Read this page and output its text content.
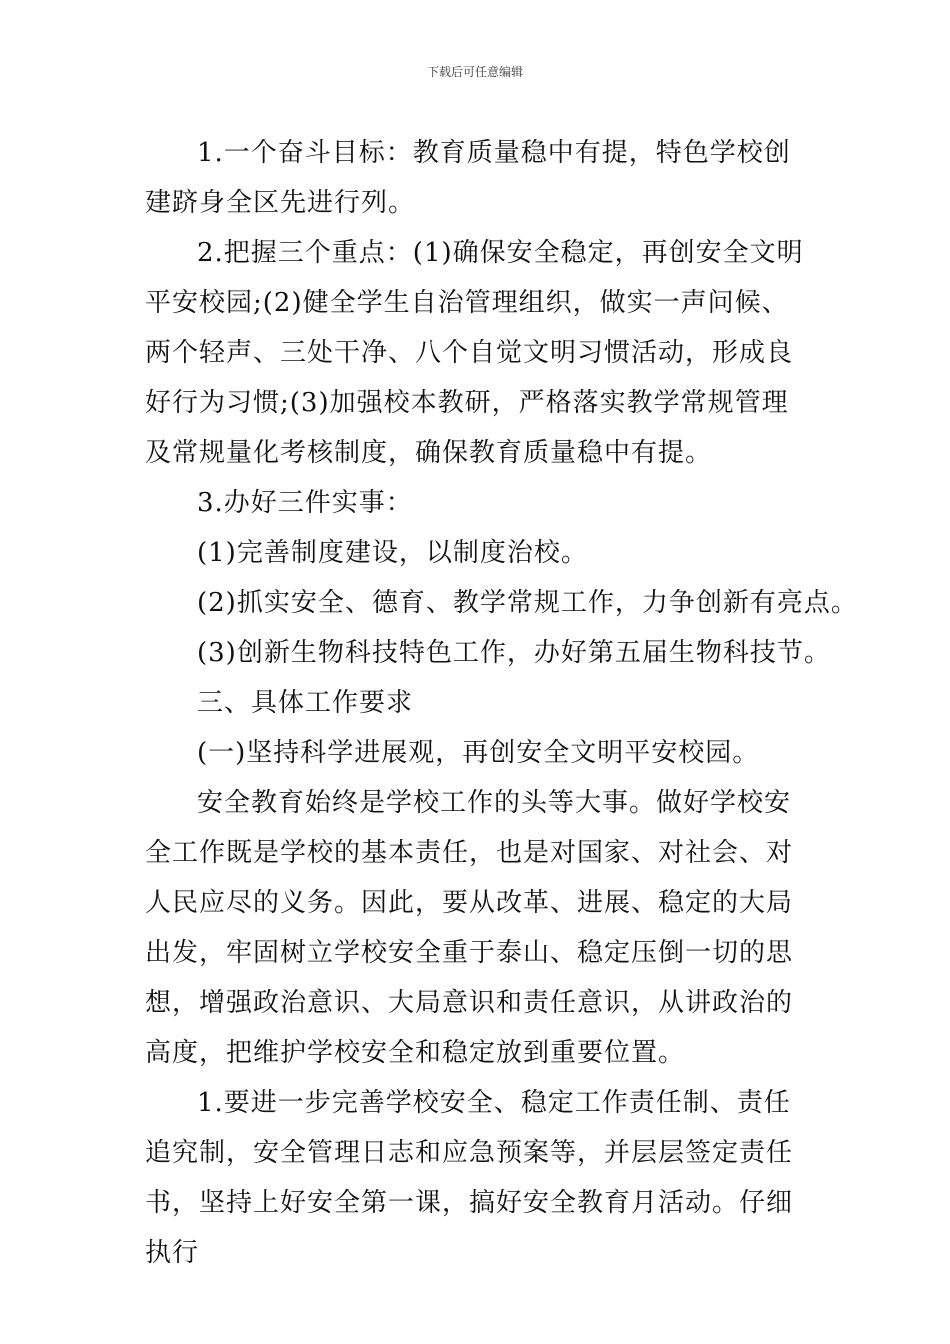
下载后可任意编辑

1.一个奋斗目标：教育质量稳中有提，特色学校创建跻身全区先进行列。

2.把握三个重点：(1)确保安全稳定，再创安全文明平安校园;(2)健全学生自治管理组织，做实一声问候、两个轻声、三处干净、八个自觉文明习惯活动，形成良好行为习惯;(3)加强校本教研，严格落实教学常规管理及常规量化考核制度，确保教育质量稳中有提。

3.办好三件实事：

(1)完善制度建设，以制度治校。

(2)抓实安全、德育、教学常规工作，力争创新有亮点。

(3)创新生物科技特色工作，办好第五届生物科技节。

三、具体工作要求

(一)坚持科学进展观，再创安全文明平安校园。

安全教育始终是学校工作的头等大事。做好学校安全工作既是学校的基本责任，也是对国家、对社会、对人民应尽的义务。因此，要从改革、进展、稳定的大局出发，牢固树立学校安全重于泰山、稳定压倒一切的思想，增强政治意识、大局意识和责任意识，从讲政治的高度，把维护学校安全和稳定放到重要位置。

1.要进一步完善学校安全、稳定工作责任制、责任追究制，安全管理日志和应急预案等，并层层签定责任书，坚持上好安全第一课，搞好安全教育月活动。仔细执行
